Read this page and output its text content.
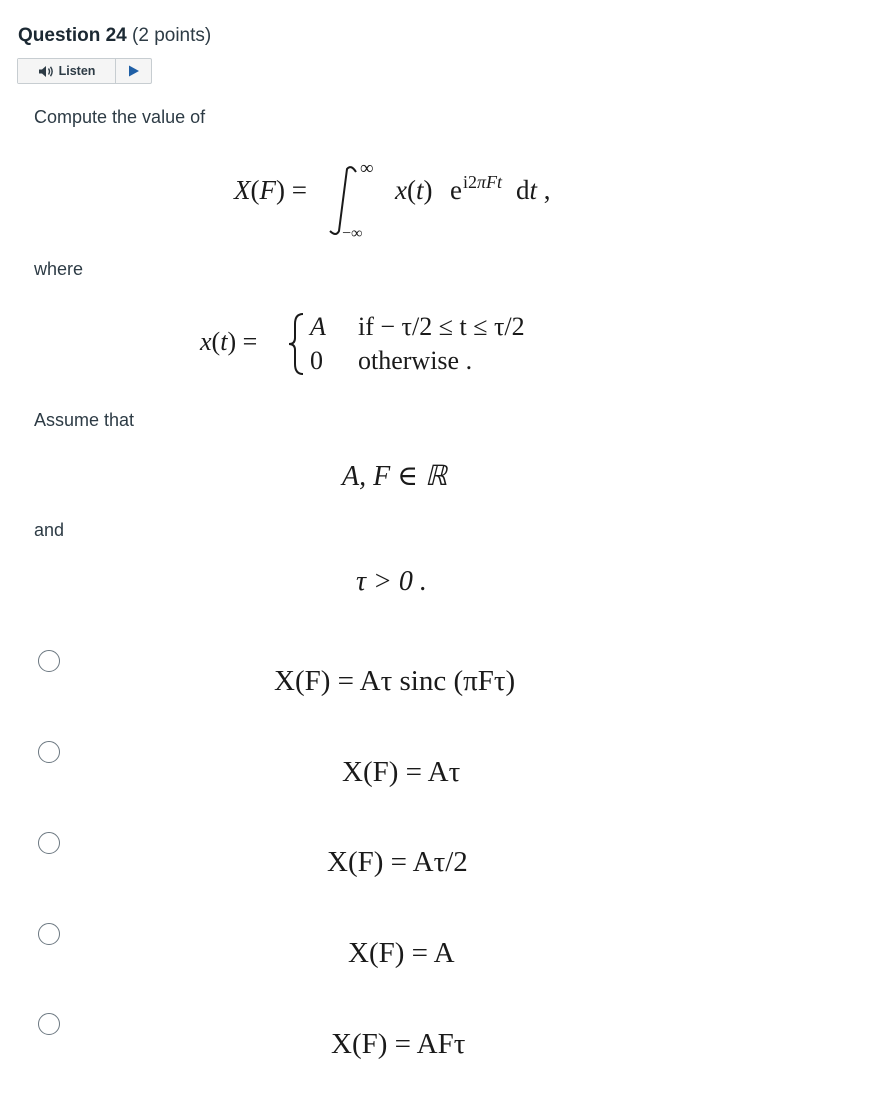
Question 24 (2 points)
Listen
Compute the value of
X(F) =
∞
−∞
x(t) e i2πFt dt ,
where
x(t) =
A if − τ/2 ≤ t ≤ τ/2
0 otherwise .
Assume that
A, F ∈ ℝ
and
τ > 0 .
X(F) = Aτ sinc (πFτ)
X(F) = Aτ
X(F) = Aτ/2
X(F) = A
X(F) = AFτ
